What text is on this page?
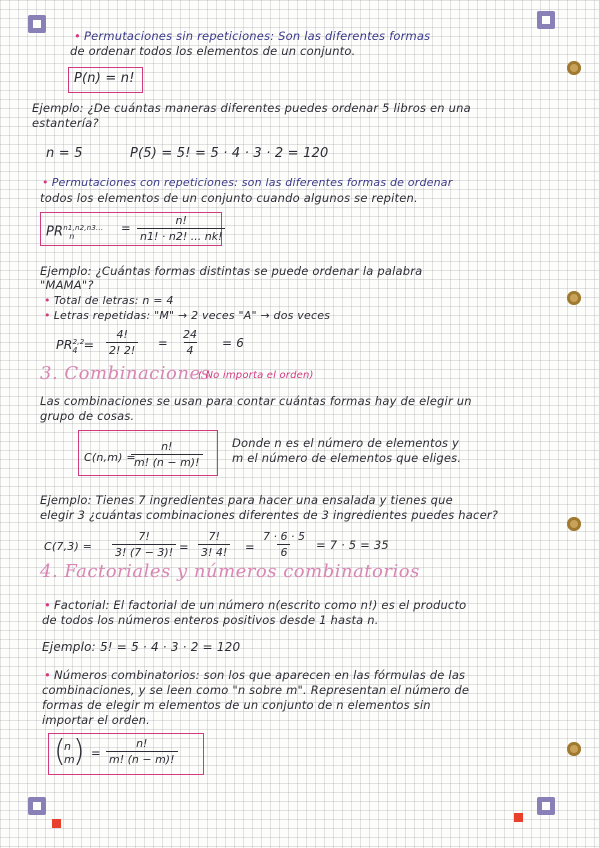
• Permutaciones sin repeticiones: Son las diferentes formas
de ordenar todos los elementos de un conjunto.
P(n) = n!
Ejemplo: ¿De cuántas maneras diferentes puedes ordenar 5 libros en una
estantería?
n = 5	P(5) = 5! = 5 · 4 · 3 · 2 = 120
• Permutaciones con repeticiones: son las diferentes formas de ordenar
todos los elementos de un conjunto cuando algunos se repiten.
$PR^{n1,n2,n3...}_n$
= $\frac{n!}{n1! \cdot n2! ... nk!}$
Ejemplo: ¿Cuántas formas distintas se puede ordenar la palabra
"MAMA"?
• Total de letras: n = 4
• Letras repetidas: "M" → 2 veces "A" → dos veces
$PR^{2,2}_4 = \frac{4!}{2! 2!} = \frac{24}{4} = 6$
3. Combinaciones
( No importa el orden)
Las combinaciones se usan para contar cuántas formas hay de elegir un
grupo de cosas.
C(n,m) =
$\frac{n!}{m! (n - m)!}$	Donde n es el número de elementos y
m el número de elementos que eliges.
Ejemplo: Tienes 7 ingredientes para hacer una ensalada y tienes que
elegir 3 ¿cuántas combinaciones diferentes de 3 ingredientes puedes hacer?
$C(7,3) = \frac{7!}{3! (7 - 3)!} = \frac{7!}{3! 4!} = \frac{7 \cdot 6 \cdot 5}{6} = 7 \cdot 5 = 35$
4. Factoriales y números combinatorios
• Factorial: El factorial de un número n(escrito como n!) es el producto
de todos los números enteros positivos desde 1 hasta n.
Ejemplo: 5! = 5 · 4 · 3 · 2 = 120
• Números combinatorios: son los que aparecen en las fórmulas de las
combinaciones, y se leen como "n sobre m". Representan el número de
formas de elegir m elementos de un conjunto de n elementos sin
importar el orden.
(
n
m
) = $\frac{n!}{m! (n - m)!}$
